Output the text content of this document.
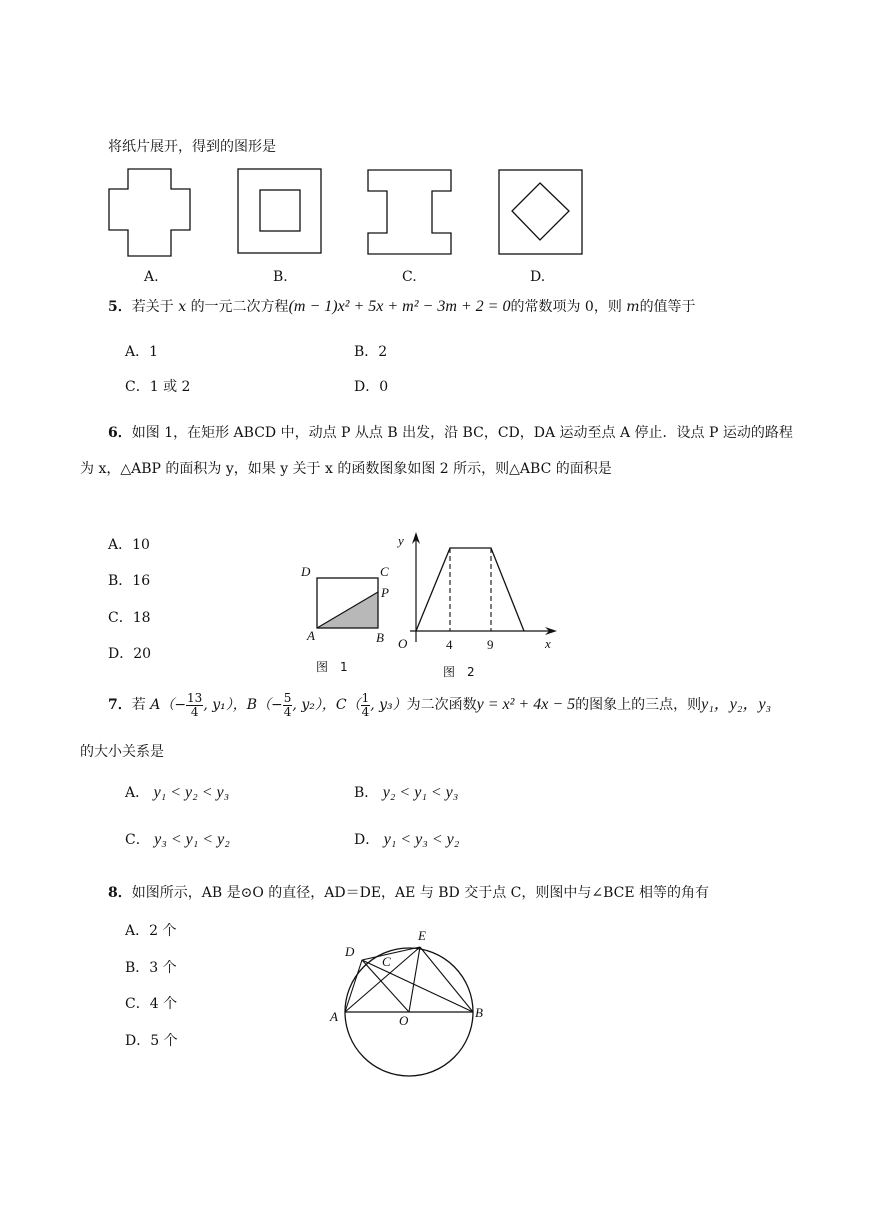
将纸片展开，得到的图形是
A.	B.	C.	D.
5．若关于 x 的一元二次方程(m − 1)x² + 5x + m² − 3m + 2 = 0的常数项为 0，则 m的值等于
A．1	B．2
C．1 或 2	D．0
6．如图 1，在矩形 ABCD 中，动点 P 从点 B 出发，沿 BC，CD，DA 运动至点 A 停止．设点 P 运动的路程
为 x，△ABP 的面积为 y，如果 y 关于 x 的函数图象如图 2 所示，则△ABC 的面积是
A．10
B．16
C．18
D．20
D	C
P
A	B
图　1
y
x
O	4	9
图　2
7．若 $A(- \frac{13}{4}$ , y₁），$B(- \frac{5}{4}$ , y₂），$C( \frac{1}{4}$ , y₃）为二次函数y = x² + 4x − 5的图象上的三点，则y₁，y₂，y₃
的大小关系是
A． y₁ < y₂ < y₃	B． y₂ < y₁ < y₃
C． y₃ < y₁ < y₂	D． y₁ < y₃ < y₂
8．如图所示，AB 是⊙O 的直径，AD＝DE，AE 与 BD 交于点 C，则图中与∠BCE 相等的角有
A．2 个
B．3 个
C．4 个
D．5 个
E
D
C
A	O
B
